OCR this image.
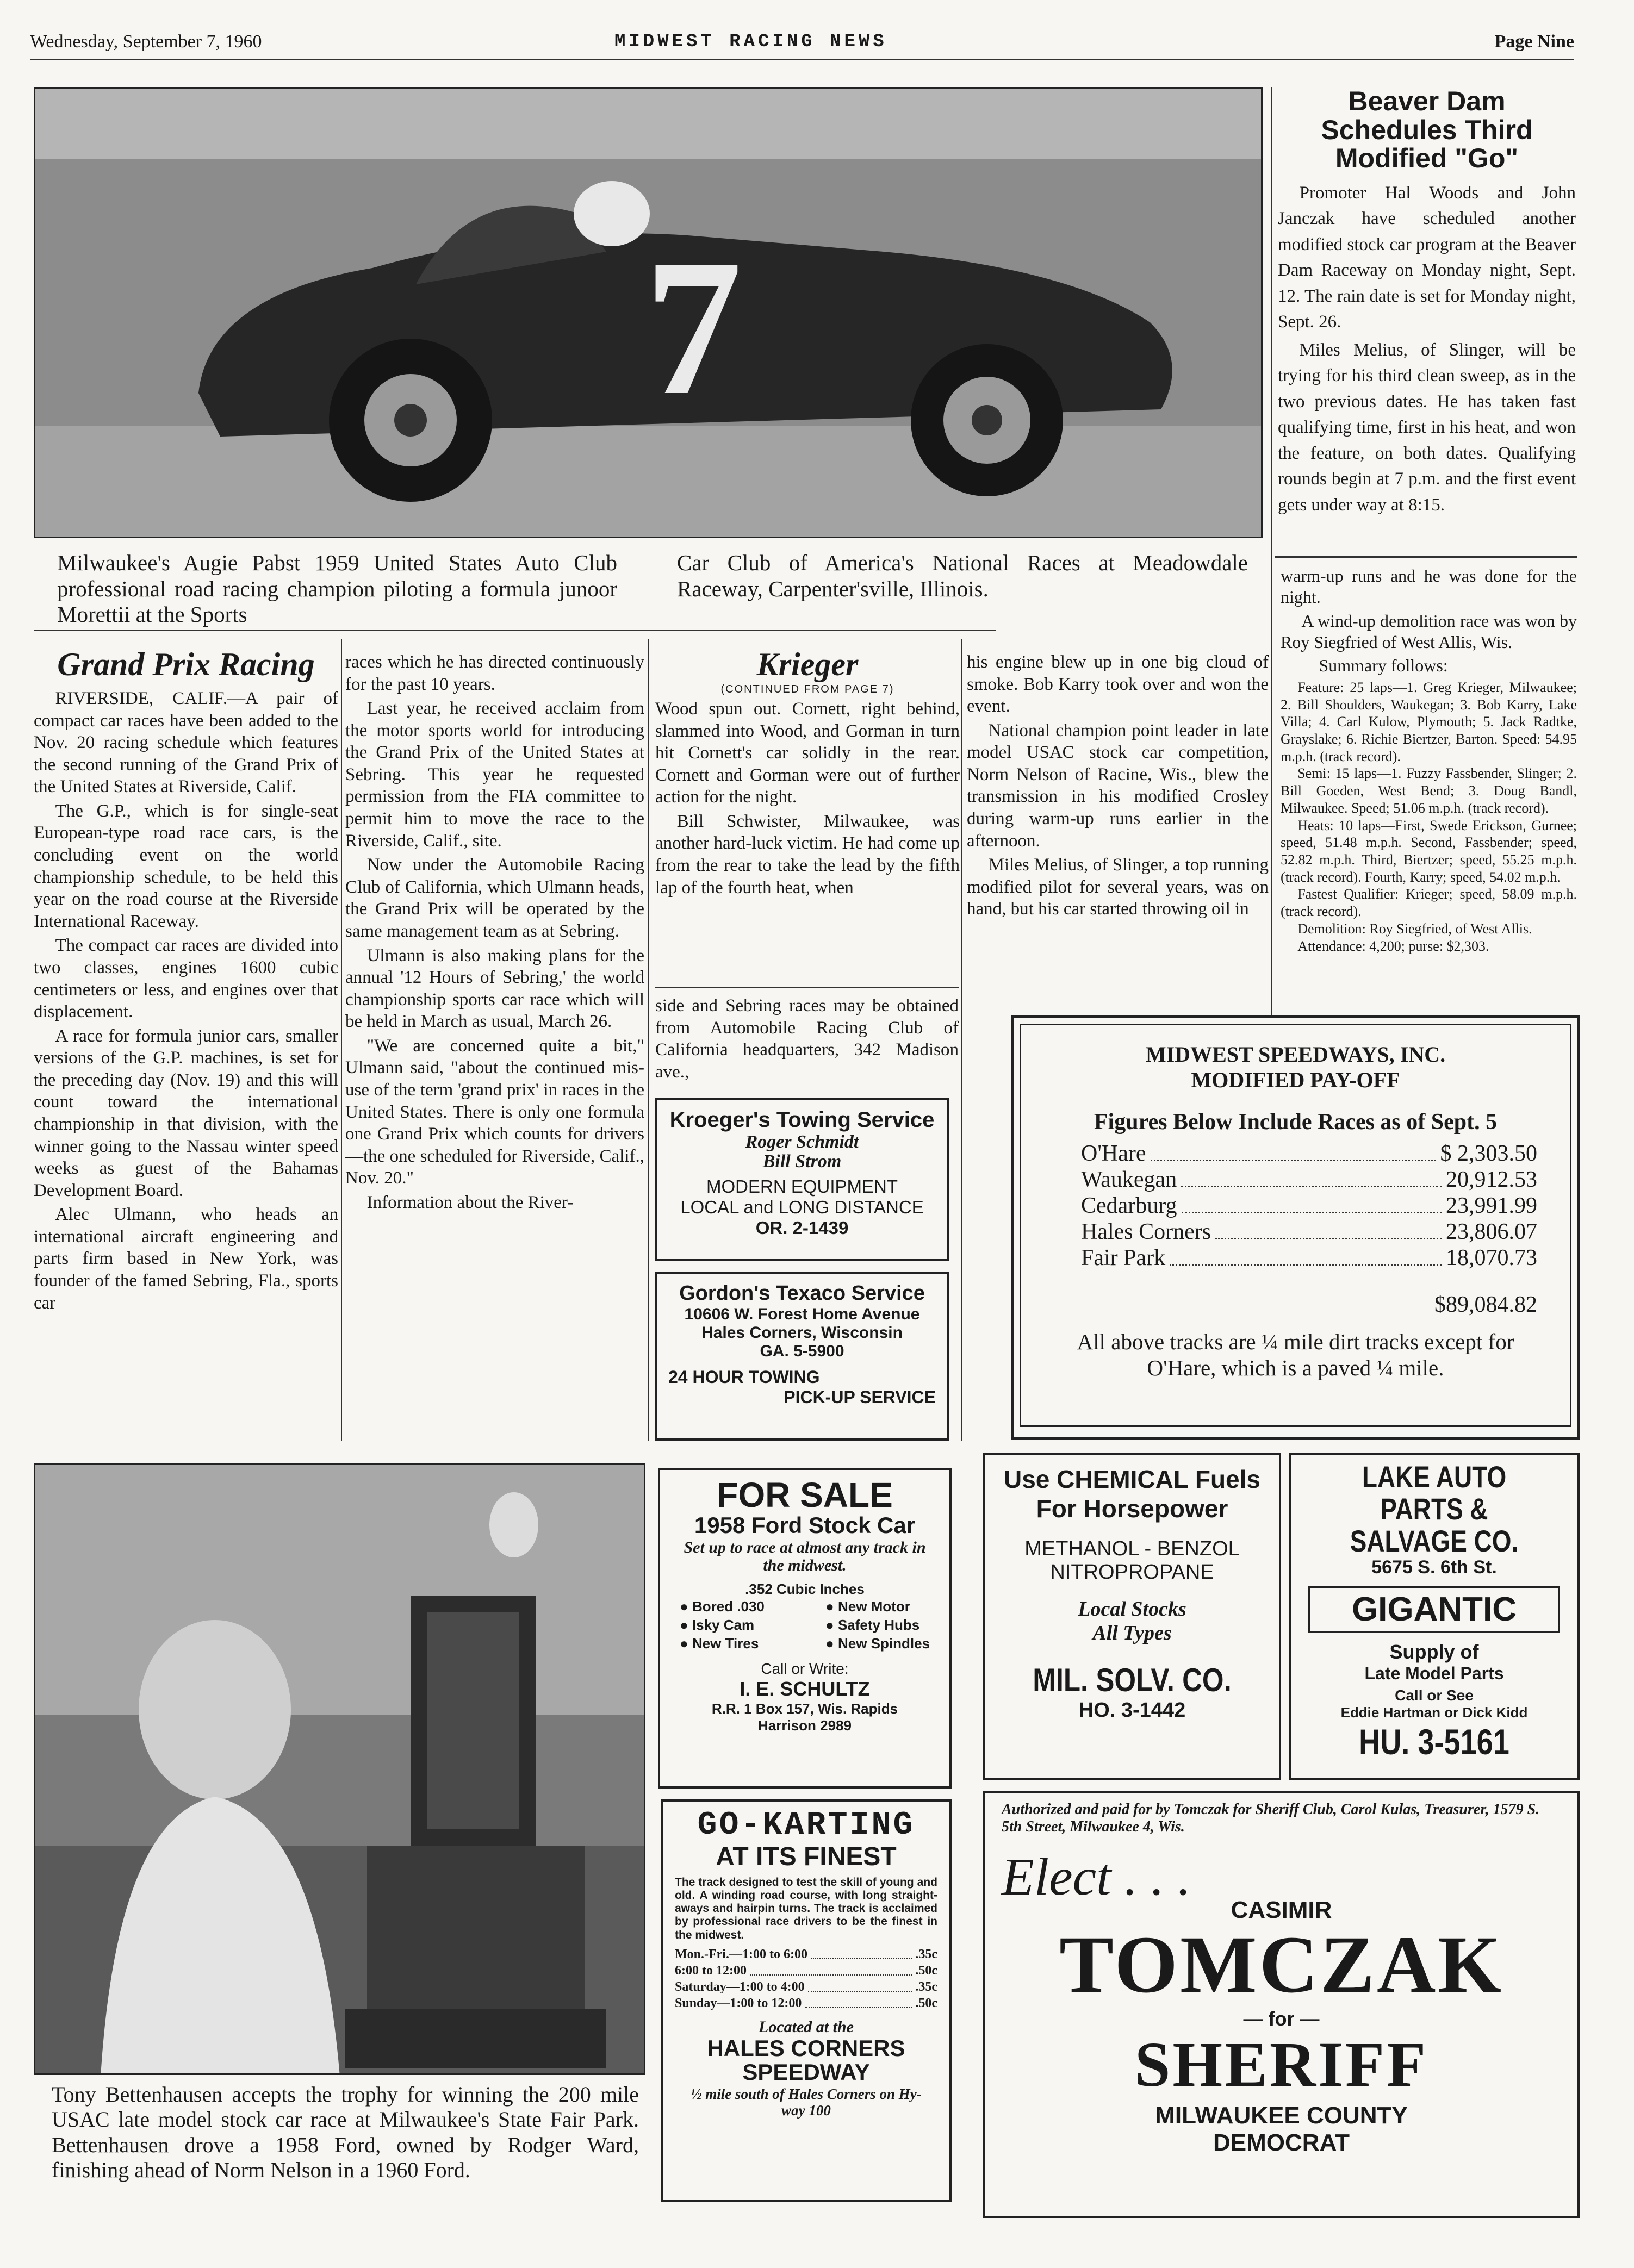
Wednesday, September 7, 1960	MIDWEST RACING NEWS	Page Nine
7
Milwaukee's Augie Pabst 1959 United States Auto Club professional road racing champion piloting a formula junoor Morettii at the Sports
Car Club of America's National Races at Meadowdale Raceway, Carpenter'sville, Illinois.
Beaver Dam Schedules Third Modified "Go"

Promoter Hal Woods and John Janczak have scheduled another modified stock car program at the Beaver Dam Raceway on Monday night, Sept. 12. The rain date is set for Monday night, Sept. 26.

Miles Melius, of Slinger, will be trying for his third clean sweep, as in the two previous dates. He has taken fast qualifying time, first in his heat, and won the feature, on both dates. Qualifying rounds begin at 7 p.m. and the first event gets under way at 8:15.

warm-up runs and he was done for the night.

A wind-up demolition race was won by Roy Siegfried of West Allis, Wis.

Summary follows:

Feature: 25 laps—1. Greg Krieger, Milwaukee; 2. Bill Shoulders, Waukegan; 3. Bob Karry, Lake Villa; 4. Carl Kulow, Plymouth; 5. Jack Radtke, Grayslake; 6. Richie Biertzer, Barton. Speed: 54.95 m.p.h. (track record).

Semi: 15 laps—1. Fuzzy Fassbender, Slinger; 2. Bill Goeden, West Bend; 3. Doug Bandl, Milwaukee. Speed; 51.06 m.p.h. (track record).

Heats: 10 laps—First, Swede Erickson, Gurnee; speed, 51.48 m.p.h. Second, Fassbender; speed, 52.82 m.p.h. Third, Biertzer; speed, 55.25 m.p.h. (track record). Fourth, Karry; speed, 54.02 m.p.h.

Fastest Qualifier: Krieger; speed, 58.09 m.p.h. (track record).

Demolition: Roy Siegfried, of West Allis.

Attendance: 4,200; purse: $2,303.

Grand Prix Racing

RIVERSIDE, CALIF.—A pair of compact car races have been added to the Nov. 20 racing schedule which features the second running of the Grand Prix of the United States at Riverside, Calif.

The G.P., which is for single-seat European-type road race cars, is the concluding event on the world championship schedule, to be held this year on the road course at the Riverside International Raceway.

The compact car races are divided into two classes, engines 1600 cubic centimeters or less, and engines over that displacement.

A race for formula junior cars, smaller versions of the G.P. machines, is set for the preceding day (Nov. 19) and this will count toward the international championship in that division, with the winner going to the Nassau winter speed weeks as guest of the Bahamas Development Board.

Alec Ulmann, who heads an international aircraft engineering and parts firm based in New York, was founder of the famed Sebring, Fla., sports car

races which he has directed continuously for the past 10 years.

Last year, he received acclaim from the motor sports world for introducing the Grand Prix of the United States at Sebring. This year he requested permission from the FIA committee to permit him to move the race to the Riverside, Calif., site.

Now under the Automobile Racing Club of California, which Ulmann heads, the Grand Prix will be operated by the same management team as at Sebring.

Ulmann is also making plans for the annual '12 Hours of Sebring,' the world championship sports car race which will be held in March as usual, March 26.

"We are concerned quite a bit," Ulmann said, "about the continued mis-use of the term 'grand prix' in races in the United States. There is only one formula one Grand Prix which counts for drivers—the one scheduled for Riverside, Calif., Nov. 20."

Information about the River-

Krieger
(CONTINUED FROM PAGE 7)

Wood spun out. Cornett, right behind, slammed into Wood, and Gorman in turn hit Cornett's car solidly in the rear. Cornett and Gorman were out of further action for the night.

Bill Schwister, Milwaukee, was another hard-luck victim. He had come up from the rear to take the lead by the fifth lap of the fourth heat, when

his engine blew up in one big cloud of smoke. Bob Karry took over and won the event.

National champion point leader in late model USAC stock car competition, Norm Nelson of Racine, Wis., blew the transmission in his modified Crosley during warm-up runs earlier in the afternoon.

Miles Melius, of Slinger, a top running modified pilot for several years, was on hand, but his car started throwing oil in

side and Sebring races may be obtained from Automobile Racing Club of California headquarters, 342 Madison ave.,
MIDWEST SPEEDWAYS, INC.
MODIFIED PAY-OFF
Figures Below Include Races as of Sept. 5
O'Hare	$ 2,303.50
Waukegan	20,912.53
Cedarburg	23,991.99
Hales Corners	23,806.07
Fair Park	18,070.73
$89,084.82
All above tracks are ¼ mile dirt tracks except for O'Hare, which is a paved ¼ mile.
Kroeger's Towing Service
Roger Schmidt
Bill Strom
MODERN EQUIPMENT
LOCAL and LONG DISTANCE
OR. 2-1439
Gordon's Texaco Service
10606 W. Forest Home Avenue
Hales Corners, Wisconsin
GA. 5-5900
24 HOUR TOWING
PICK-UP SERVICE
Tony Bettenhausen accepts the trophy for winning the 200 mile USAC late model stock car race at Milwaukee's State Fair Park. Bettenhausen drove a 1958 Ford, owned by Rodger Ward, finishing ahead of Norm Nelson in a 1960 Ford.
FOR SALE
1958 Ford Stock Car
Set up to race at almost any track in the midwest.
.352 Cubic Inches
● Bored .030
● Isky Cam
● New Tires
● New Motor
● Safety Hubs
● New Spindles
Call or Write:
I. E. SCHULTZ
R.R. 1 Box 157, Wis. Rapids
Harrison 2989
GO-KARTING
AT ITS FINEST
The track designed to test the skill of young and old. A winding road course, with long straight-aways and hairpin turns. The track is acclaimed by professional race drivers to be the finest in the midwest.
Mon.-Fri.—1:00 to 6:00	.35c
6:00 to 12:00	.50c
Saturday—1:00 to 4:00	.35c
Sunday—1:00 to 12:00	.50c
Located at the
HALES CORNERS
SPEEDWAY
½ mile south of Hales Corners on Hy-way 100
Use CHEMICAL Fuels
For Horsepower
METHANOL - BENZOL
NITROPROPANE
Local Stocks
All Types
MIL. SOLV. CO.
HO. 3-1442
LAKE AUTO PARTS & SALVAGE CO.
5675 S. 6th St.
GIGANTIC
Supply of
Late Model Parts
Call or See
Eddie Hartman or Dick Kidd
HU. 3-5161
Authorized and paid for by Tomczak for Sheriff Club, Carol Kulas, Treasurer, 1579 S. 5th Street, Milwaukee 4, Wis.
Elect . . .
CASIMIR
TOMCZAK
— for —
SHERIFF
MILWAUKEE COUNTY
DEMOCRAT
